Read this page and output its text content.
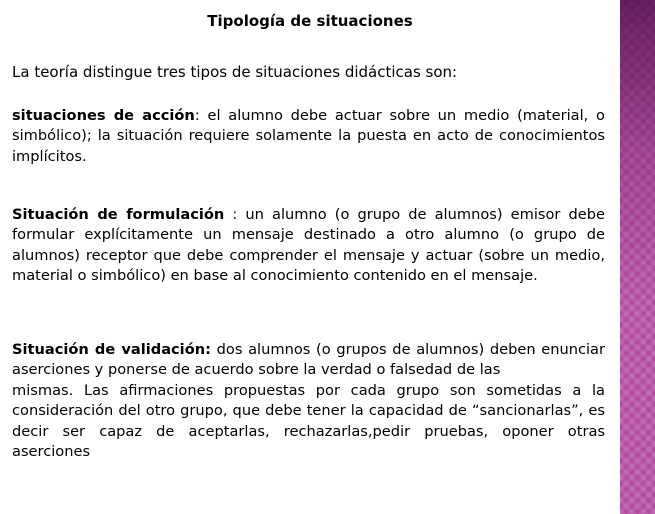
Tipología de situaciones

La teoría distingue tres tipos de situaciones didácticas son:

situaciones de acción: el alumno debe actuar sobre un medio (material, o simbólico); la situación requiere solamente la puesta en acto de conocimientos implícitos.

Situación de formulación : un alumno (o grupo de alumnos) emisor debe formular explícitamente un mensaje destinado a otro alumno (o grupo de alumnos) receptor que debe comprender el mensaje y actuar (sobre un medio, material o simbólico) en base al conocimiento contenido en el mensaje.

Situación de validación: dos alumnos (o grupos de alumnos) deben enunciar aserciones y ponerse de acuerdo sobre la verdad o falsedad de las
mismas. Las afirmaciones propuestas por cada grupo son sometidas a la consideración del otro grupo, que debe tener la capacidad de “sancionarlas”, es decir ser capaz de aceptarlas, rechazarlas,pedir pruebas, oponer otras aserciones
